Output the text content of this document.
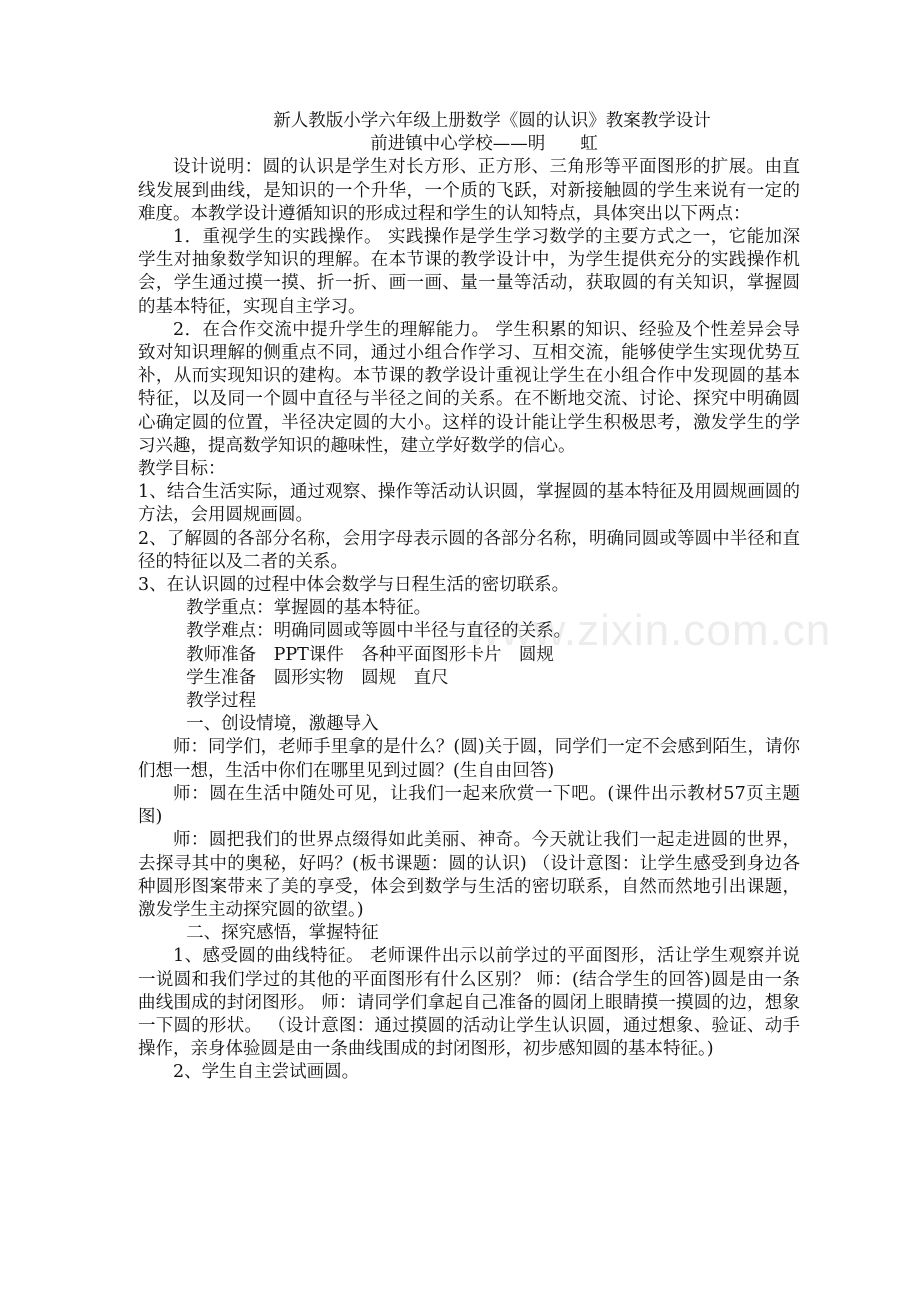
www.zixin.com.cn

新人教版小学六年级上册数学《圆的认识》教案教学设计

前进镇中心学校——明　　虹

设计说明：圆的认识是学生对长方形、正方形、三角形等平面图形的扩展。由直线发展到曲线，是知识的一个升华，一个质的飞跃，对新接触圆的学生来说有一定的难度。本教学设计遵循知识的形成过程和学生的认知特点，具体突出以下两点：

1．重视学生的实践操作。 实践操作是学生学习数学的主要方式之一，它能加深学生对抽象数学知识的理解。在本节课的教学设计中，为学生提供充分的实践操作机会，学生通过摸一摸、折一折、画一画、量一量等活动，获取圆的有关知识，掌握圆的基本特征，实现自主学习。

2．在合作交流中提升学生的理解能力。 学生积累的知识、经验及个性差异会导致对知识理解的侧重点不同，通过小组合作学习、互相交流，能够使学生实现优势互补，从而实现知识的建构。本节课的教学设计重视让学生在小组合作中发现圆的基本特征，以及同一个圆中直径与半径之间的关系。在不断地交流、讨论、探究中明确圆心确定圆的位置，半径决定圆的大小。这样的设计能让学生积极思考，激发学生的学习兴趣，提高数学知识的趣味性，建立学好数学的信心。

教学目标：

1、结合生活实际，通过观察、操作等活动认识圆，掌握圆的基本特征及用圆规画圆的方法，会用圆规画圆。

2、了解圆的各部分名称，会用字母表示圆的各部分名称，明确同圆或等圆中半径和直径的特征以及二者的关系。

3、在认识圆的过程中体会数学与日程生活的密切联系。

教学重点：掌握圆的基本特征。

教学难点：明确同圆或等圆中半径与直径的关系。

教师准备　PPT课件　各种平面图形卡片　圆规

学生准备　圆形实物　圆规　直尺

教学过程

一、创设情境，激趣导入

师：同学们，老师手里拿的是什么？(圆)关于圆，同学们一定不会感到陌生，请你们想一想，生活中你们在哪里见到过圆？(生自由回答)

师：圆在生活中随处可见，让我们一起来欣赏一下吧。(课件出示教材57页主题图)

师：圆把我们的世界点缀得如此美丽、神奇。今天就让我们一起走进圆的世界，去探寻其中的奥秘，好吗？(板书课题：圆的认识) （设计意图：让学生感受到身边各种圆形图案带来了美的享受，体会到数学与生活的密切联系，自然而然地引出课题，激发学生主动探究圆的欲望。)

二、探究感悟，掌握特征

1、感受圆的曲线特征。 老师课件出示以前学过的平面图形，活让学生观察并说一说圆和我们学过的其他的平面图形有什么区别？ 师：(结合学生的回答)圆是由一条曲线围成的封闭图形。 师：请同学们拿起自己准备的圆闭上眼睛摸一摸圆的边，想象一下圆的形状。 （设计意图：通过摸圆的活动让学生认识圆，通过想象、验证、动手操作，亲身体验圆是由一条曲线围成的封闭图形，初步感知圆的基本特征。)

2、学生自主尝试画圆。
